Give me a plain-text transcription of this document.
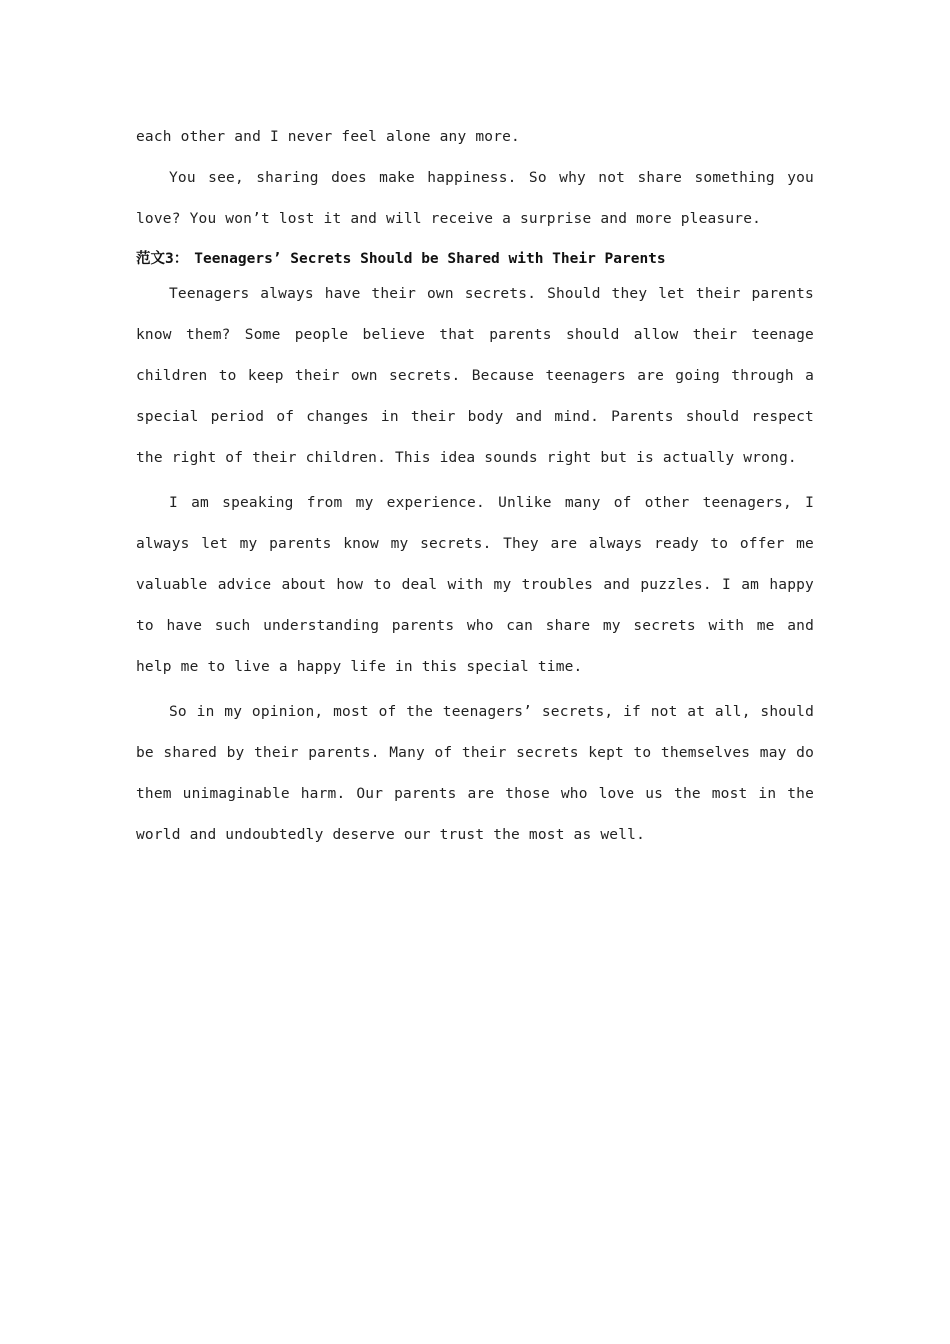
each other and I never feel alone any more.

You see, sharing does make happiness. So why not share something you love? You won’t lost it and will receive a surprise and more pleasure.

范文3： Teenagers’ Secrets Should be Shared with Their Parents

Teenagers always have their own secrets. Should they let their parents know them? Some people believe that parents should allow their teenage children to keep their own secrets. Because teenagers are going through a special period of changes in their body and mind. Parents should respect the right of their children. This idea sounds right but is actually wrong.

I am speaking from my experience. Unlike many of other teenagers, I always let my parents know my secrets. They are always ready to offer me valuable advice about how to deal with my troubles and puzzles. I am happy to have such understanding parents who can share my secrets with me and help me to live a happy life in this special time.

So in my opinion, most of the teenagers’ secrets, if not at all, should be shared by their parents. Many of their secrets kept to themselves may do them unimaginable harm. Our parents are those who love us the most in the world and undoubtedly deserve our trust the most as well.
